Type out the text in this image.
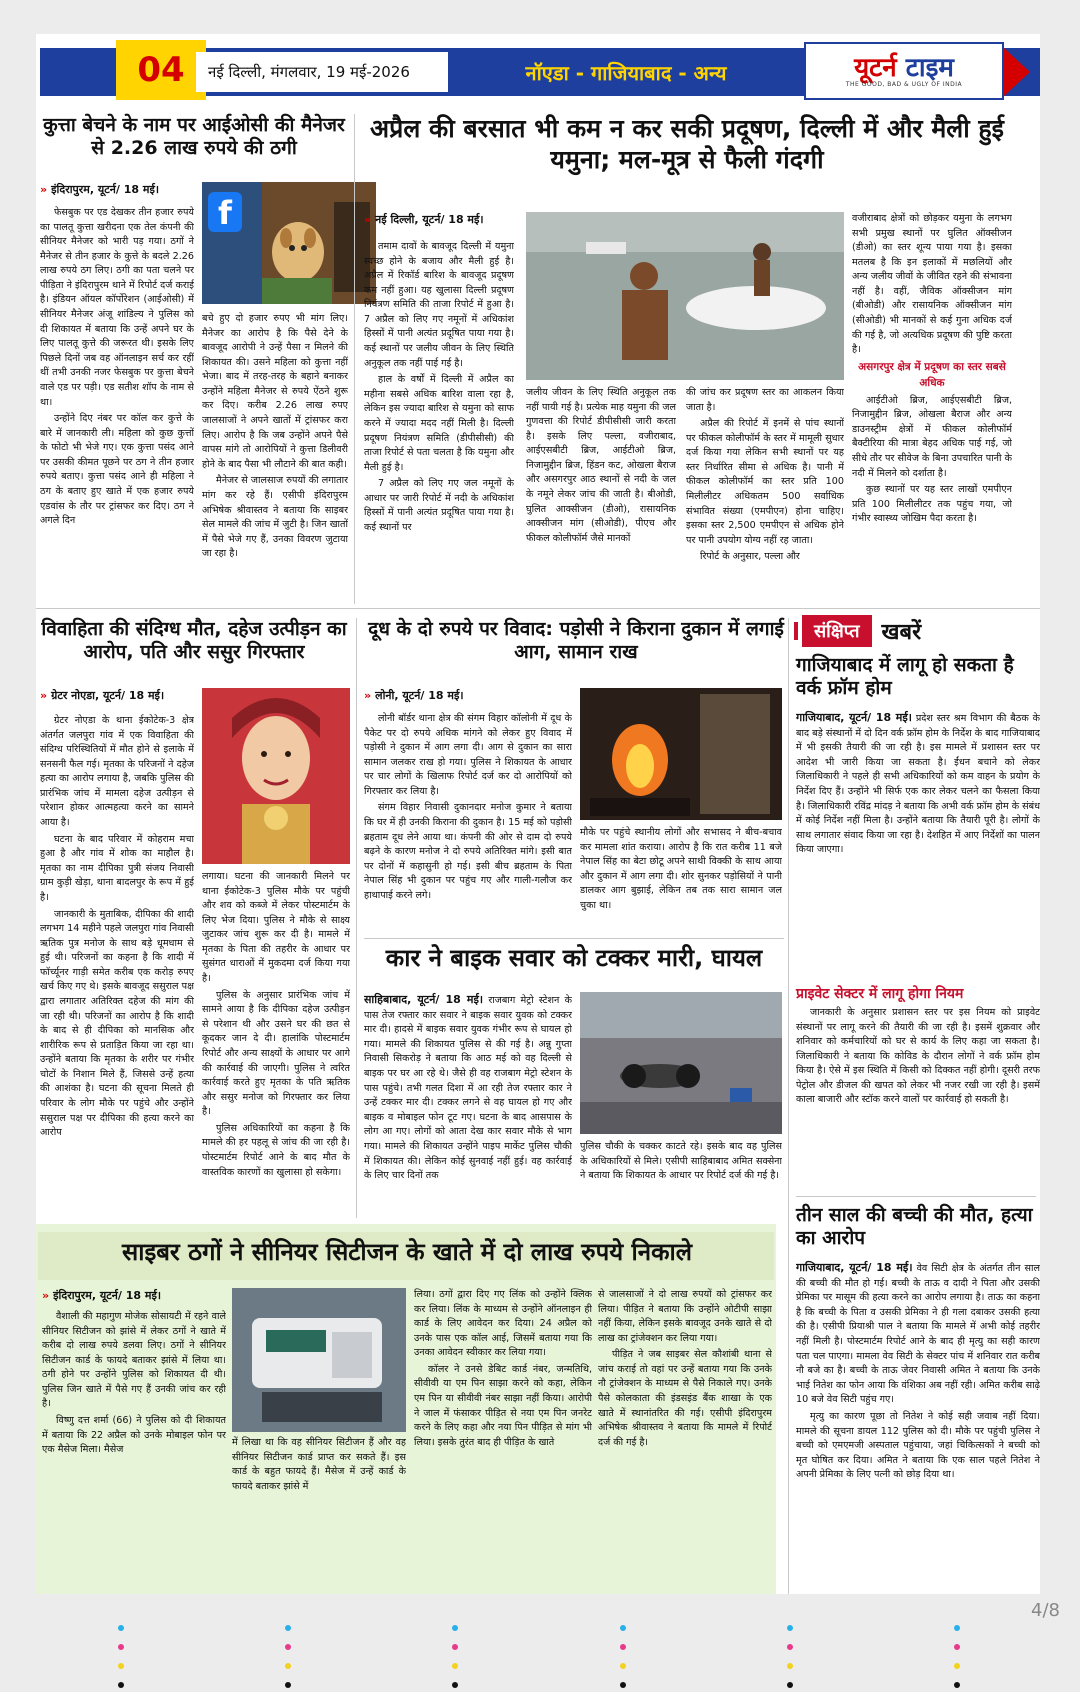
04	नई दिल्ली, मंगलवार, 19 मई-2026	नॉएडा - गाजियाबाद - अन्य	यूटर्न टाइम
THE GOOD, BAD & UGLY OF INDIA
कुत्ता बेचने के नाम पर आईओसी की मैनेजर से 2.26 लाख रुपये की ठगी
» इंदिरापुरम, यूटर्न/ 18 मई।

फेसबुक पर एड देखकर तीन हजार रुपये का पालतू कुत्ता खरीदना एक तेल कंपनी की सीनियर मैनेजर को भारी पड़ गया। ठगों ने मैनेजर से तीन हजार के कुत्ते के बदले 2.26 लाख रुपये ठग लिए। ठगी का पता चलने पर पीड़िता ने इंदिरापुरम थाने में रिपोर्ट दर्ज कराई है। इंडियन ऑयल कॉर्पोरेशन (आईओसी) में सीनियर मैनेजर अंजू शांडिल्य ने पुलिस को दी शिकायत में बताया कि उन्हें अपने घर के लिए पालतू कुत्ते की जरूरत थी। इसके लिए पिछले दिनों जब वह ऑनलाइन सर्च कर रहीं थीं तभी उनकी नजर फेसबुक पर कुत्ता बेचने वाले एड पर पड़ी। एड सतीश शॉप के नाम से था।

उन्होंने दिए नंबर पर कॉल कर कुत्ते के बारे में जानकारी ली। महिला को कुछ कुत्तों के फोटो भी भेजे गए। एक कुत्ता पसंद आने पर उसकी कीमत पूछने पर ठग ने तीन हजार रुपये बताए। कुत्ता पसंद आने ही महिला ने ठग के बताए हुए खाते में एक हजार रुपये एडवांस के तौर पर ट्रांसफर कर दिए। ठग ने अगले दिन

f

बचे हुए दो हजार रुपए भी मांग लिए। मैनेजर का आरोप है कि पैसे देने के बावजूद आरोपी ने उन्हें पैसा न मिलने की शिकायत की। उसने महिला को कुत्ता नहीं भेजा। बाद में तरह-तरह के बहाने बनाकर उन्होंने महिला मैनेजर से रुपये ऐंठने शुरू कर दिए। करीब 2.26 लाख रुपए जालसाजों ने अपने खातों में ट्रांसफर करा लिए। आरोप है कि जब उन्होंने अपने पैसे वापस मांगे तो आरोपियों ने कुत्ता डिलीवरी होने के बाद पैसा भी लौटाने की बात कही।

मैनेजर से जालसाज रुपयों की लगातार मांग कर रहे हैं। एसीपी इंदिरापुरम अभिषेक श्रीवास्तव ने बताया कि साइबर सेल मामले की जांच में जुटी है। जिन खातों में पैसे भेजे गए हैं, उनका विवरण जुटाया जा रहा है।

अप्रैल की बरसात भी कम न कर सकी प्रदूषण, दिल्ली में और मैली हुई यमुना; मल-मूत्र से फैली गंदगी
» नई दिल्ली, यूटर्न/ 18 मई।

तमाम दावों के बावजूद दिल्ली में यमुना स्वच्छ होने के बजाय और मैली हुई है। अप्रैल में रिकॉर्ड बारिश के बावजूद प्रदूषण कम नहीं हुआ। यह खुलासा दिल्ली प्रदूषण नियंत्रण समिति की ताजा रिपोर्ट में हुआ है। 7 अप्रैल को लिए गए नमूनों में अधिकांश हिस्सों में पानी अत्यंत प्रदूषित पाया गया है। कई स्थानों पर जलीय जीवन के लिए स्थिति अनुकूल तक नहीं पाई गई है।

हाल के वर्षों में दिल्ली में अप्रैल का महीना सबसे अधिक बारिश वाला रहा है, लेकिन इस ज्यादा बारिश से यमुना को साफ करने में ज्यादा मदद नहीं मिली है। दिल्ली प्रदूषण नियंत्रण समिति (डीपीसीसी) की ताजा रिपोर्ट से पता चलता है कि यमुना और मैली हुई है।

7 अप्रैल को लिए गए जल नमूनों के आधार पर जारी रिपोर्ट में नदी के अधिकांश हिस्सों में पानी अत्यंत प्रदूषित पाया गया है। कई स्थानों पर

जलीय जीवन के लिए स्थिति अनुकूल तक नहीं पायी गई है। प्रत्येक माह यमुना की जल गुणवत्ता की रिपोर्ट डीपीसीसी जारी करता है। इसके लिए पल्ला, वजीराबाद, आईएसबीटी ब्रिज, आईटीओ ब्रिज, निजामुद्दीन ब्रिज, हिंडन कट, ओखला बैराज और असगरपुर आठ स्थानों से नदी के जल के नमूने लेकर जांच की जाती है। बीओडी, घुलित आक्सीजन (डीओ), रासायनिक आक्सीजन मांग (सीओडी), पीएच और फीकल कोलीफॉर्म जैसे मानकों

की जांच कर प्रदूषण स्तर का आकलन किया जाता है।

अप्रैल की रिपोर्ट में इनमें से पांच स्थानों पर फीकल कोलीफॉर्म के स्तर में मामूली सुधार दर्ज किया गया लेकिन सभी स्थानों पर यह स्तर निर्धारित सीमा से अधिक है। पानी में फीकल कोलीफॉर्म का स्तर प्रति 100 मिलीलीटर अधिकतम 500 सर्वाधिक संभावित संख्या (एमपीएन) होना चाहिए। इसका स्तर 2,500 एमपीएन से अधिक होने पर पानी उपयोग योग्य नहीं रह जाता।

रिपोर्ट के अनुसार, पल्ला और

वजीराबाद क्षेत्रों को छोड़कर यमुना के लगभग सभी प्रमुख स्थानों पर घुलित ऑक्सीजन (डीओ) का स्तर शून्य पाया गया है। इसका मतलब है कि इन इलाकों में मछलियों और अन्य जलीय जीवों के जीवित रहने की संभावना नहीं है। वहीं, जैविक ऑक्सीजन मांग (बीओडी) और रासायनिक ऑक्सीजन मांग (सीओडी) भी मानकों से कई गुना अधिक दर्ज की गई है, जो अत्यधिक प्रदूषण की पुष्टि करता है।

असगरपुर क्षेत्र में प्रदूषण का स्तर सबसे अधिक

आईटीओ ब्रिज, आईएसबीटी ब्रिज, निजामुद्दीन ब्रिज, ओखला बैराज और अन्य डाउनस्ट्रीम क्षेत्रों में फीकल कोलीफॉर्म बैक्टीरिया की मात्रा बेहद अधिक पाई गई, जो सीधे तौर पर सीवेज के बिना उपचारित पानी के नदी में मिलने को दर्शाता है।

कुछ स्थानों पर यह स्तर लाखों एमपीएन प्रति 100 मिलीलीटर तक पहुंच गया, जो गंभीर स्वास्थ्य जोखिम पैदा करता है।

विवाहिता की संदिग्ध मौत, दहेज उत्पीड़न का आरोप, पति और ससुर गिरफ्तार
» ग्रेटर नोएडा, यूटर्न/ 18 मई।

ग्रेटर नोएडा के थाना ईकोटेक-3 क्षेत्र अंतर्गत जलपुरा गांव में एक विवाहिता की संदिग्ध परिस्थितियों में मौत होने से इलाके में सनसनी फैल गई। मृतका के परिजनों ने दहेज हत्या का आरोप लगाया है, जबकि पुलिस की प्रारंभिक जांच में मामला दहेज उत्पीड़न से परेशान होकर आत्महत्या करने का सामने आया है।

घटना के बाद परिवार में कोहराम मचा हुआ है और गांव में शोक का माहौल है। मृतका का नाम दीपिका पुत्री संजय निवासी ग्राम कुड़ी खेड़ा, थाना बादलपुर के रूप में हुई है।

जानकारी के मुताबिक, दीपिका की शादी लगभग 14 महीने पहले जलपुरा गांव निवासी ऋतिक पुत्र मनोज के साथ बड़े धूमधाम से हुई थी। परिजनों का कहना है कि शादी में फॉर्च्यूनर गाड़ी समेत करीब एक करोड़ रुपए खर्च किए गए थे। इसके बावजूद ससुराल पक्ष द्वारा लगातार अतिरिक्त दहेज की मांग की जा रही थी। परिजनों का आरोप है कि शादी के बाद से ही दीपिका को मानसिक और शारीरिक रूप से प्रताड़ित किया जा रहा था। उन्होंने बताया कि मृतका के शरीर पर गंभीर चोटों के निशान मिले हैं, जिससे उन्हें हत्या की आशंका है। घटना की सूचना मिलते ही परिवार के लोग मौके पर पहुंचे और उन्होंने ससुराल पक्ष पर दीपिका की हत्या करने का आरोप

लगाया। घटना की जानकारी मिलने पर थाना ईकोटेक-3 पुलिस मौके पर पहुंची और शव को कब्जे में लेकर पोस्टमार्टम के लिए भेज दिया। पुलिस ने मौके से साक्ष्य जुटाकर जांच शुरू कर दी है। मामले में मृतका के पिता की तहरीर के आधार पर सुसंगत धाराओं में मुकदमा दर्ज किया गया है।

पुलिस के अनुसार प्रारंभिक जांच में सामने आया है कि दीपिका दहेज उत्पीड़न से परेशान थी और उसने घर की छत से कूदकर जान दे दी। हालांकि पोस्टमार्टम रिपोर्ट और अन्य साक्ष्यों के आधार पर आगे की कार्रवाई की जाएगी। पुलिस ने त्वरित कार्रवाई करते हुए मृतका के पति ऋतिक और ससुर मनोज को गिरफ्तार कर लिया है।

पुलिस अधिकारियों का कहना है कि मामले की हर पहलू से जांच की जा रही है। पोस्टमार्टम रिपोर्ट आने के बाद मौत के वास्तविक कारणों का खुलासा हो सकेगा।

दूध के दो रुपये पर विवाद: पड़ोसी ने किराना दुकान में लगाई आग, सामान राख
» लोनी, यूटर्न/ 18 मई।

लोनी बॉर्डर थाना क्षेत्र की संगम विहार कॉलोनी में दूध के पैकेट पर दो रुपये अधिक मांगने को लेकर हुए विवाद में पड़ोसी ने दुकान में आग लगा दी। आग से दुकान का सारा सामान जलकर राख हो गया। पुलिस ने शिकायत के आधार पर चार लोगों के खिलाफ रिपोर्ट दर्ज कर दो आरोपियों को गिरफ्तार कर लिया है।

संगम विहार निवासी दुकानदार मनोज कुमार ने बताया कि घर में ही उनकी किराना की दुकान है। 15 मई को पड़ोसी ब्रहताम दूध लेने आया था। कंपनी की ओर से दाम दो रुपये बढ़ने के कारण मनोज ने दो रुपये अतिरिक्त मांगे। इसी बात पर दोनों में कहासुनी हो गई। इसी बीच ब्रहताम के पिता नेपाल सिंह भी दुकान पर पहुंच गए और गाली-गलौज कर हाथापाई करने लगे।

मौके पर पहुंचे स्थानीय लोगों और सभासद ने बीच-बचाव कर मामला शांत कराया। आरोप है कि रात करीब 11 बजे नेपाल सिंह का बेटा छोटू अपने साथी विक्की के साथ आया और दुकान में आग लगा दी। शोर सुनकर पड़ोसियों ने पानी डालकर आग बुझाई, लेकिन तब तक सारा सामान जल चुका था।

कार ने बाइक सवार को टक्कर मारी, घायल

साहिबाबाद, यूटर्न/ 18 मई। राजबाग मेट्रो स्टेशन के पास तेज रफ्तार कार सवार ने बाइक सवार युवक को टक्कर मार दी। हादसे में बाइक सवार युवक गंभीर रूप से घायल हो गया। मामले की शिकायत पुलिस से की गई है। अन्नु गुप्ता निवासी सिकरोड़ ने बताया कि आठ मई को वह दिल्ली से बाइक पर घर आ रहे थे। जैसे ही वह राजबाग मेट्रो स्टेशन के पास पहुंचे। तभी गलत दिशा में आ रही तेज रफ्तार कार ने उन्हें टक्कर मार दी। टक्कर लगने से वह घायल हो गए और बाइक व मोबाइल फोन टूट गए। घटना के बाद आसपास के लोग आ गए। लोगों को आता देख कार सवार मौके से भाग गया। मामले की शिकायत उन्होंने पाइप मार्केट पुलिस चौकी में शिकायत की। लेकिन कोई सुनवाई नहीं हुई। वह कार्रवाई के लिए चार दिनों तक

पुलिस चौकी के चक्कर काटते रहे। इसके बाद वह पुलिस के अधिकारियों से मिले। एसीपी साहिबाबाद अमित सक्सेना ने बताया कि शिकायत के आधार पर रिपोर्ट दर्ज की गई है।

संक्षिप्त	खबरें
गाजियाबाद में लागू हो सकता है वर्क फ्रॉम होम

गाजियाबाद, यूटर्न/ 18 मई। प्रदेश स्तर श्रम विभाग की बैठक के बाद बड़े संस्थानों में दो दिन वर्क फ्रॉम होम के निर्देश के बाद गाजियाबाद में भी इसकी तैयारी की जा रही है। इस मामले में प्रशासन स्तर पर आदेश भी जारी किया जा सकता है। ईंधन बचाने को लेकर जिलाधिकारी ने पहले ही सभी अधिकारियों को कम वाहन के प्रयोग के निर्देश दिए हैं। उन्होंने भी सिर्फ एक कार लेकर चलने का फैसला किया है। जिलाधिकारी रविंद्र मांदड़ ने बताया कि अभी वर्क फ्रॉम होम के संबंध में कोई निर्देश नहीं मिला है। उन्होंने बताया कि तैयारी पूरी है। लोगों के साथ लगातार संवाद किया जा रहा है। देशहित में आए निर्देशों का पालन किया जाएगा।

प्राइवेट सेक्टर में लागू होगा नियम

जानकारी के अनुसार प्रशासन स्तर पर इस नियम को प्राइवेट संस्थानों पर लागू करने की तैयारी की जा रही है। इसमें शुक्रवार और शनिवार को कर्मचारियों को घर से कार्य के लिए कहा जा सकता है। जिलाधिकारी ने बताया कि कोविड के दौरान लोगों ने वर्क फ्रॉम होम किया है। ऐसे में इस स्थिति में किसी को दिक्कत नहीं होगी। दूसरी तरफ पेट्रोल और डीजल की खपत को लेकर भी नजर रखी जा रही है। इसमें काला बाजारी और स्टॉक करने वालों पर कार्रवाई हो सकती है।

तीन साल की बच्ची की मौत, हत्या का आरोप

गाजियाबाद, यूटर्न/ 18 मई। वेव सिटी क्षेत्र के अंतर्गत तीन साल की बच्ची की मौत हो गई। बच्ची के ताऊ व दादी ने पिता और उसकी प्रेमिका पर मासूम की हत्या करने का आरोप लगाया है। ताऊ का कहना है कि बच्ची के पिता व उसकी प्रेमिका ने ही गला दबाकर उसकी हत्या की है। एसीपी प्रियाश्री पाल ने बताया कि मामले में अभी कोई तहरीर नहीं मिली है। पोस्टमार्टम रिपोर्ट आने के बाद ही मृत्यु का सही कारण पता चल पाएगा। मामला वेव सिटी के सेक्टर पांच में शनिवार रात करीब नौ बजे का है। बच्ची के ताऊ जेवर निवासी अमित ने बताया कि उनके भाई नितेश का फोन आया कि वंशिका अब नहीं रही। अमित करीब साढ़े 10 बजे वेव सिटी पहुंच गए।

मृत्यु का कारण पूछा तो नितेश ने कोई सही जवाब नहीं दिया। मामले की सूचना डायल 112 पुलिस को दी। मौके पर पहुंची पुलिस ने बच्ची को एमएमजी अस्पताल पहुंचाया, जहां चिकित्सकों ने बच्ची को मृत घोषित कर दिया। अमित ने बताया कि एक साल पहले नितेश ने अपनी प्रेमिका के लिए पत्नी को छोड़ दिया था।

साइबर ठगों ने सीनियर सिटीजन के खाते में दो लाख रुपये निकाले
» इंदिरापुरम, यूटर्न/ 18 मई।

वैशाली की महागुण मोजेक सोसायटी में रहने वाले सीनियर सिटीजन को झांसे में लेकर ठगों ने खाते में करीब दो लाख रुपये डलवा लिए। ठगों ने सीनियर सिटीजन कार्ड के फायदे बताकर झांसे में लिया था। ठगी होने पर उन्होंने पुलिस को शिकायत दी थी। पुलिस जिन खाते में पैसे गए हैं उनकी जांच कर रही है।

विष्णु दत्त शर्मा (66) ने पुलिस को दी शिकायत में बताया कि 22 अप्रैल को उनके मोबाइल फोन पर एक मैसेज मिला। मैसेज

में लिखा था कि वह सीनियर सिटीजन हैं और वह सीनियर सिटीजन कार्ड प्राप्त कर सकते हैं। इस कार्ड के बहुत फायदे हैं। मैसेज में उन्हें कार्ड के फायदे बताकर झांसे में

लिया। ठगों द्वारा दिए गए लिंक को उन्होंने क्लिक कर लिया। लिंक के माध्यम से उन्होंने ऑनलाइन ही कार्ड के लिए आवेदन कर दिया। 24 अप्रैल को उनके पास एक कॉल आई, जिसमें बताया गया कि उनका आवेदन स्वीकार कर लिया गया।

कॉलर ने उनसे डेबिट कार्ड नंबर, जन्मतिथि, सीवीवी या एम पिन साझा करने को कहा, लेकिन एम पिन या सीवीवी नंबर साझा नहीं किया। आरोपी ने जाल में फंसाकर पीड़ित से नया एम पिन जनरेट करने के लिए कहा और नया पिन पीड़ित से मांग भी लिया। इसके तुरंत बाद ही पीड़ित के खाते

से जालसाजों ने दो लाख रुपयों को ट्रांसफर कर लिया। पीड़ित ने बताया कि उन्होंने ओटीपी साझा नहीं किया, लेकिन इसके बावजूद उनके खाते से दो लाख का ट्रांजेक्शन कर लिया गया।

पीड़ित ने जब साइबर सेल कौशांबी थाना से जांच कराई तो वहां पर उन्हें बताया गया कि उनके नौ ट्रांजेक्शन के माध्यम से पैसे निकाले गए। उनके पैसे कोलकाता की इंडसइंड बैंक शाखा के एक खाते में स्थानांतरित की गई। एसीपी इंदिरापुरम अभिषेक श्रीवास्तव ने बताया कि मामले में रिपोर्ट दर्ज की गई है।

4/8
